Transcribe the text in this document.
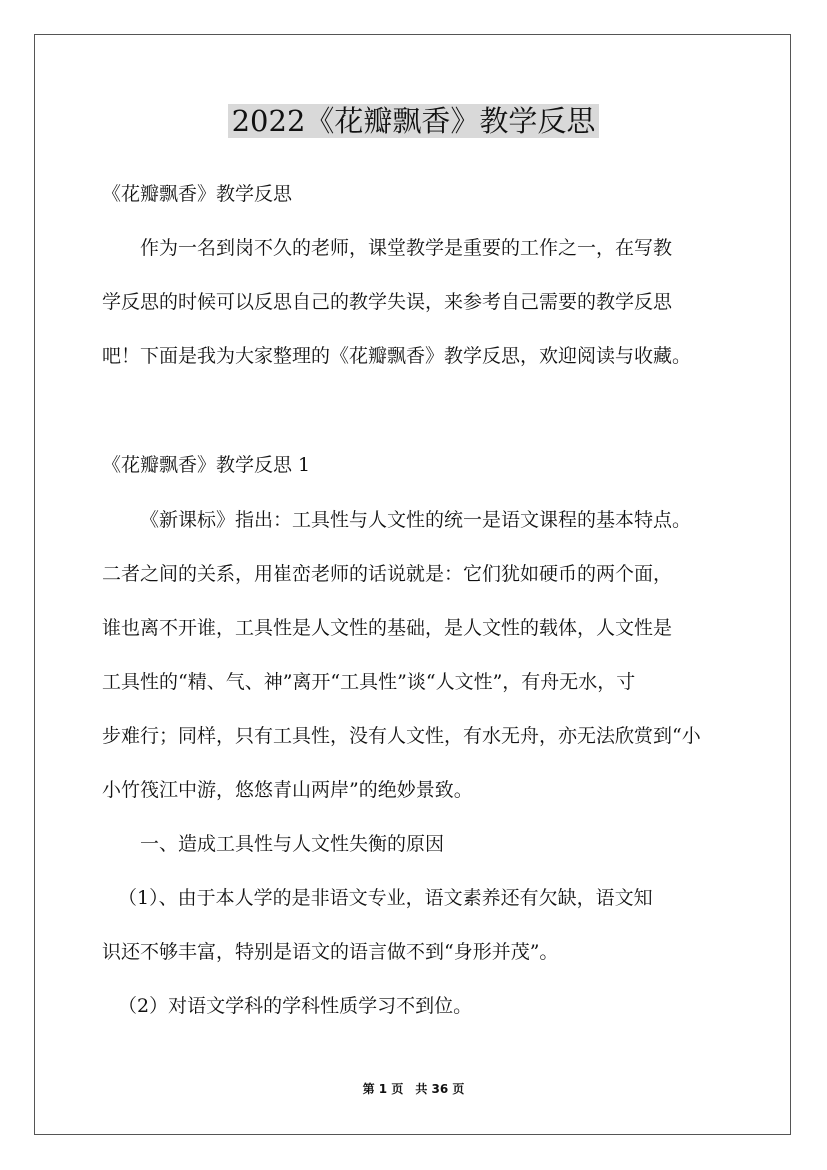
2022《花瓣飘香》教学反思
《花瓣飘香》教学反思
作为一名到岗不久的老师，课堂教学是重要的工作之一，在写教
学反思的时候可以反思自己的教学失误，来参考自己需要的教学反思
吧！下面是我为大家整理的《花瓣飘香》教学反思，欢迎阅读与收藏。
《花瓣飘香》教学反思 1
《新课标》指出：工具性与人文性的统一是语文课程的基本特点。
二者之间的关系，用崔峦老师的话说就是：它们犹如硬币的两个面，
谁也离不开谁，工具性是人文性的基础，是人文性的载体，人文性是
工具性的“精、气、神”离开“工具性”谈“人文性”，有舟无水，寸
步难行；同样，只有工具性，没有人文性，有水无舟，亦无法欣赏到“小
小竹筏江中游，悠悠青山两岸”的绝妙景致。
一、造成工具性与人文性失衡的原因
（1）、由于本人学的是非语文专业，语文素养还有欠缺，语文知
识还不够丰富，特别是语文的语言做不到“身形并茂”。
（2）对语文学科的学科性质学习不到位。
第 1 页　共 36 页
